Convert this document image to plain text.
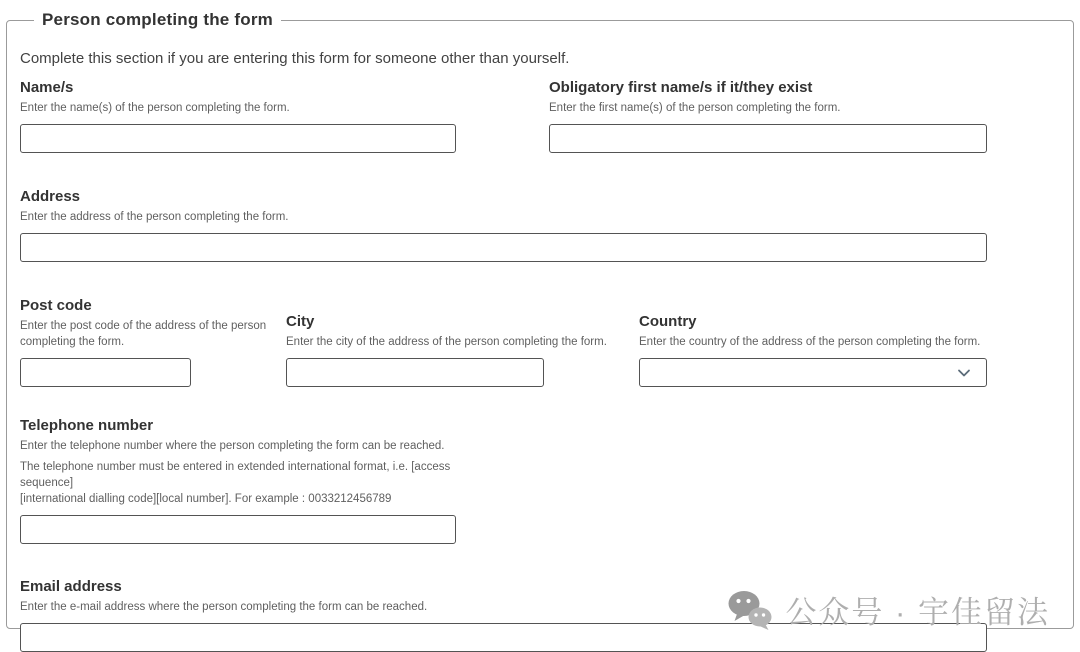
Person completing the form

Complete this section if you are entering this form for someone other than yourself.

Name/s
Enter the name(s) of the person completing the form.
Obligatory first name/s if it/they exist
Enter the first name(s) of the person completing the form.
Address
Enter the address of the person completing the form.
Post code
Enter the post code of the address of the person completing the form.
City
Enter the city of the address of the person completing the form.
Country
Enter the country of the address of the person completing the form.
Telephone number
Enter the telephone number where the person completing the form can be reached.
The telephone number must be entered in extended international format, i.e. [access sequence]
[international dialling code][local number]. For example : 0033212456789
Email address
Enter the e-mail address where the person completing the form can be reached.	公众号 · 宇佳留法
